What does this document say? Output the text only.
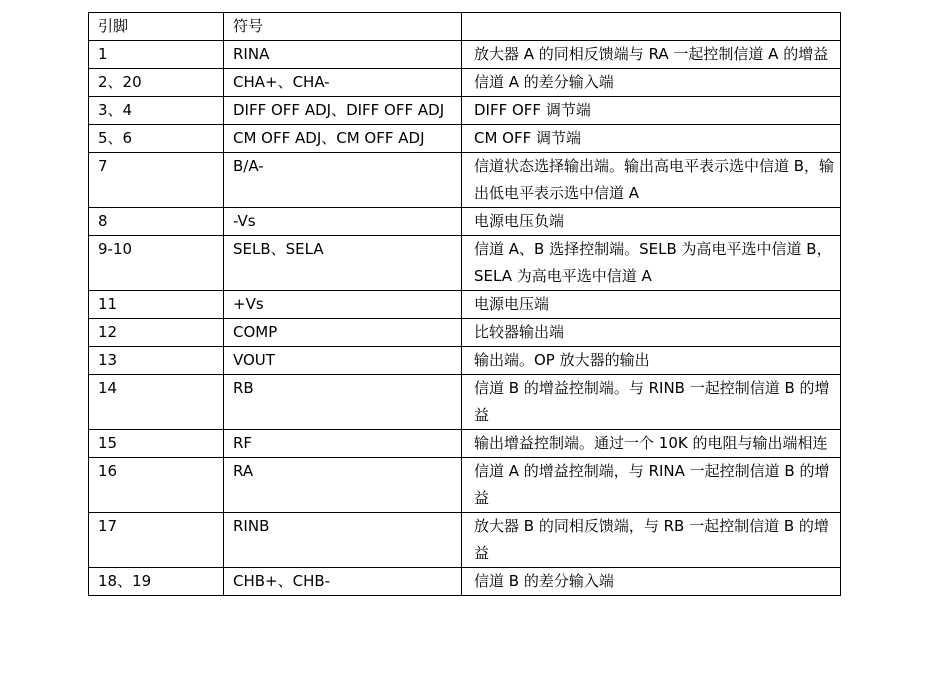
引脚	符号	
1	RINA	放大器 A 的同相反馈端与 RA 一起控制信道 A 的增益
2、20	CHA+、CHA-	信道 A 的差分输入端
3、4	DIFF OFF ADJ、DIFF OFF ADJ	DIFF OFF 调节端
5、6	CM OFF ADJ、CM OFF ADJ	CM OFF 调节端
7	B/A-	信道状态选择输出端。输出高电平表示选中信道 B，输出低电平表示选中信道 A
8	-Vs	电源电压负端
9-10	SELB、SELA	信道 A、B 选择控制端。SELB 为高电平选中信道 B，SELA 为高电平选中信道 A
11	+Vs	电源电压端
12	COMP	比较器输出端
13	VOUT	输出端。OP 放大器的输出
14	RB	信道 B 的增益控制端。与 RINB 一起控制信道 B 的增益
15	RF	输出增益控制端。通过一个 10K 的电阻与输出端相连
16	RA	信道 A 的增益控制端，与 RINA 一起控制信道 B 的增益
17	RINB	放大器 B 的同相反馈端，与 RB 一起控制信道 B 的增益
18、19	CHB+、CHB-	信道 B 的差分输入端
